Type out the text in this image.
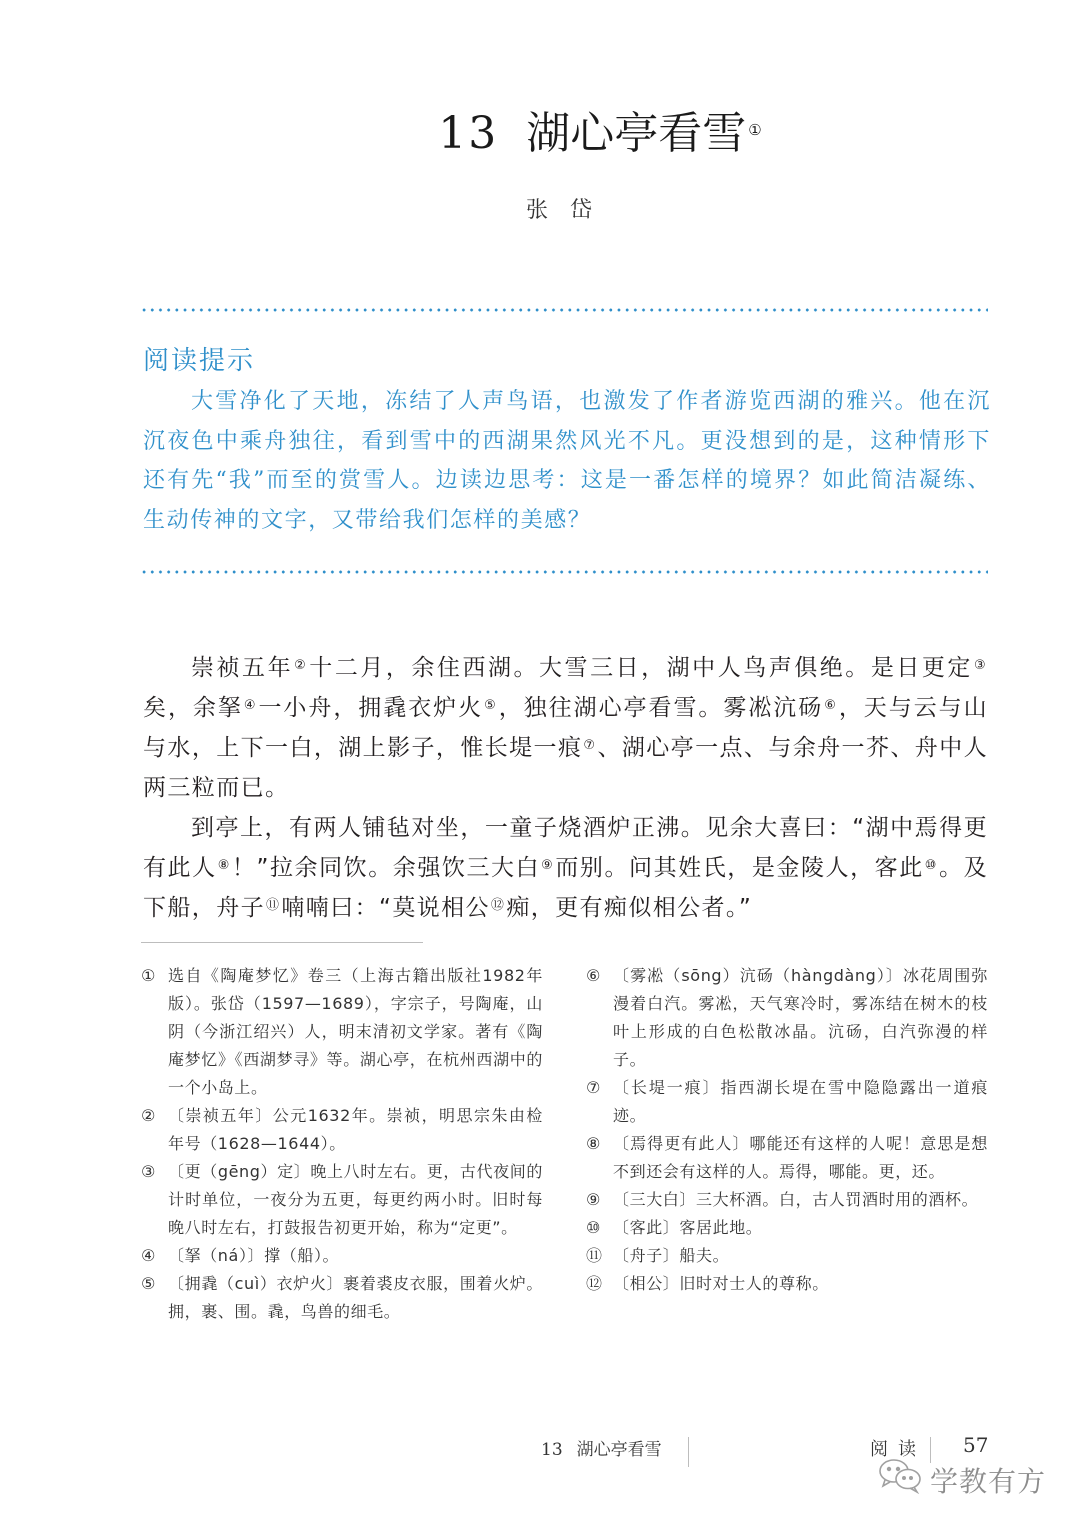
13 湖心亭看雪 ①
张岱
阅读提示
大雪净化了天地，冻结了人声鸟语，也激发了作者游览西湖的雅兴。他在沉沉夜色中乘舟独往，看到雪中的西湖果然风光不凡。更没想到的是，这种情形下还有先“我”而至的赏雪人。边读边思考：这是一番怎样的境界？如此简洁凝练、生动传神的文字，又带给我们怎样的美感？

崇祯五年②十二月，余住西湖。大雪三日，湖中人鸟声俱绝。是日更定③矣，余拏④一小舟，拥毳衣炉火⑤，独往湖心亭看雪。雾凇沆砀⑥，天与云与山与水，上下一白，湖上影子，惟长堤一痕⑦、湖心亭一点、与余舟一芥、舟中人两三粒而已。

到亭上，有两人铺毡对坐，一童子烧酒炉正沸。见余大喜曰：“湖中焉得更有此人⑧！”拉余同饮。余强饮三大白⑨而别。问其姓氏，是金陵人，客此⑩。及下船，舟子⑪喃喃曰：“莫说相公⑫痴，更有痴似相公者。”

① 选自《陶庵梦忆》卷三（上海古籍出版社1982年版）。张岱（1597—1689），字宗子，号陶庵，山阴（今浙江绍兴）人，明末清初文学家。著有《陶庵梦忆》《西湖梦寻》等。湖心亭，在杭州西湖中的一个小岛上。
② 〔崇祯五年〕公元1632年。崇祯，明思宗朱由检年号（1628—1644）。
③ 〔更（gēng）定〕晚上八时左右。更，古代夜间的计时单位，一夜分为五更，每更约两小时。旧时每晚八时左右，打鼓报告初更开始，称为“定更”。
④ 〔拏（ná）〕撑（船）。
⑤ 〔拥毳（cuì）衣炉火〕裹着裘皮衣服，围着火炉。拥，裹、围。毳，鸟兽的细毛。
⑥ 〔雾凇（sōng）沆砀（hàngdàng）〕冰花周围弥漫着白汽。雾凇，天气寒冷时，雾冻结在树木的枝叶上形成的白色松散冰晶。沆砀，白汽弥漫的样子。
⑦ 〔长堤一痕〕指西湖长堤在雪中隐隐露出一道痕迹。
⑧ 〔焉得更有此人〕哪能还有这样的人呢！意思是想不到还会有这样的人。焉得，哪能。更，还。
⑨ 〔三大白〕三大杯酒。白，古人罚酒时用的酒杯。
⑩ 〔客此〕客居此地。
⑪ 〔舟子〕船夫。
⑫ 〔相公〕旧时对士人的尊称。
13 湖心亭看雪	阅读 57
学教有方
